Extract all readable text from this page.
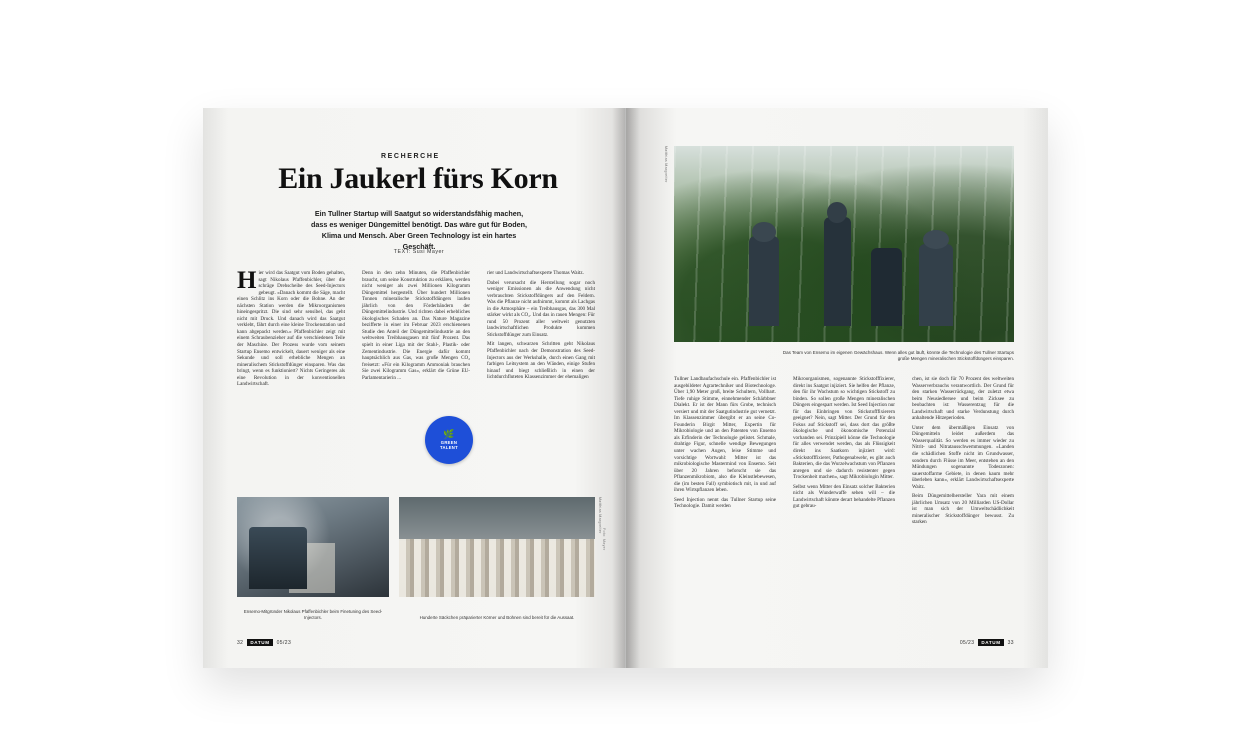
RECHERCHE
Ein Jaukerl fürs Korn
Ein Tullner Startup will Saatgut so widerstandsfähig machen, dass es weniger Düngemittel benötigt. Das wäre gut für Boden, Klima und Mensch. Aber Green Technology ist ein hartes Geschäft.
TEXT: Susi Mayer

Hier wird das Saatgut vom Boden gehalten, sagt Nikolaus Pfaffenbichler, über die schräge Drehscheibe des Seed-Injectors gebeugt. »Danach kommt die Säge, macht einen Schlitz ins Korn oder die Bohne. An der nächsten Station werden die Mikroorganismen hineingespritzt. Die sind sehr sensibel, das geht nicht mit Druck. Und danach wird das Saatgut verklebt, fährt durch eine kleine Trockenstation und kann abgepackt werden.« Pfaffenbichler zeigt mit einem Schraubenzieher auf die verschiedenen Teile der Maschine. Der Prozess wurde vom seinem Startup Ensemo entwickelt, dauert weniger als eine Sekunde und soll erhebliche Mengen an mineralischem Stickstoffdünger einsparen. Was das bringt, wenn es funktioniert? Nichts Geringeres als eine Revolution in der konventionellen Landwirtschaft.

Denn in den zehn Minuten, die Pfaffenbichler braucht, um seine Konstruktion zu erklären, werden nicht weniger als zwei Millionen Kilogramm Düngemittel hergestellt. Über hundert Millionen Tonnen mineralische Stickstoffdüngers laufen jährlich von den Förderbändern der Düngemittelindustrie. Und richten dabei erhebliches ökologisches Schaden an. Das Nature Magazine bezifferte in einer im Februar 2023 erschienenen Studie den Anteil der Düngemittelindustrie an den weltweiten Treibhausgasen mit fünf Prozent. Das spielt in einer Liga mit der Stahl-, Plastik- oder Zementindustrie. Die Energie dafür kommt hauptsächlich aus Gas, was große Mengen CO₂ freisetzt: »Für ein Kilogramm Ammoniak brauchen Sie zwei Kilogramm Gas«, erklärt die Grüne EU-Parlamentarierin ...

rier und Landwirtschaftsexperte Thomas Waitz.

Dabei verursacht die Herstellung sogar noch weniger Emissionen als die Anwendung nicht verbrauchten Stickstoffdüngers auf den Feldern. Was die Pflanze nicht aufnimmt, kommt als Lachgas in die Atmosphäre – ein Treibhausgas, das 300 Mal stärker wirkt als CO₂. Und das in rauen Mengen: Für rund 50 Prozent aller weltweit genutzten landwirtschaftlichen Produkte kommen Stickstoffdünger zum Einsatz.

Mit langen, schwarzen Schritten geht Nikolaus Pfaffenbichler nach der Demonstration des Seed-Injectors aus der Werkshalle, durch einen Gang mit farbigen Leitsystem an den Wänden, einige Stufen hinauf und biegt schließlich in einen der lichtdurchfluteten Klassenzimmer der ehemaligen

🌿
GREEN
TALENT
Ensemo-Mitgründer Nikolaus Pfaffenbichler beim Finetuning des Seed-Injectors.	Hunderte Säckchen präparierter Körner und Bohnen sind bereit für die Aussaat.
Matthias Margreiter
32	DATUM	05/23
Matthias Margreiter
Das Team von Ensemo im eigenen Gewächshaus. Wenn alles gut läuft, könnte die Technologie des Tullner Startups große Mengen mineralischen Stickstoffdüngers einsparen.

Tullner Landbaufachschule ein. Pfaffenbichler ist ausgebildeter Agrartechniker und Biotechnologe. Über 1,90 Meter groß, breite Schultern, Vollbart. Tiefe ruhige Stimme, einnehmender Schärbbner Dialekt. Er ist der Mann fürs Grobe, technisch versiert und mit der Saatgutindustrie gut vernetzt. Im Klassenzimmer übergibt er an seine Co-Founderin Birgit Mitter, Expertin für Mikrobiologie und an den Patenten von Ensemo als Erfinderin der Technologie gelistet. Schmale, drahtige Figur, schnelle wendige Bewegungen unter wachen Augen, leise Stimme und vorsichtige Wortwahl: Mitter ist das mikrobiologische Mastermind von Ensemo. Seit über 20 Jahren beforscht sie das Pflanzenmikrobiom, also die Kleinstlebewesen, die (im besten Fall) symbiotisch mit, in und auf ihren Wirtspflanzen leben.

Seed Injection nennt das Tullner Startup seine Technologie. Damit werden

Mikroorganismen, sogenannte Stickstofffixierer, direkt ins Saatgut injiziert. Sie helfen der Pflanze, den für ihr Wachstum so wichtigen Stickstoff zu binden. So sollen große Mengen mineralischen Düngers eingespart werden. Ist Seed Injection nur für das Einbringen von Stickstofffixierern geeignet? Nein, sagt Mitter. Der Grund für den Fokus auf Stickstoff sei, dass dort das größte ökologische und ökonomische Potenzial vorhanden sei. Prinzipiell könne die Technologie für alles verwendet werden, das als Flüssigkeit direkt ins Saatkorn injiziert wird: »Stickstofffixierer, Pathogenabwehr, es gibt auch Bakterien, die das Wurzelwachstum von Pflanzen anregen und sie dadurch resistenter gegen Trockenheit machen«, sagt Mikrobiologin Mitter.

Selbst wenn Mitter den Einsatz solcher Bakterien nicht als Wunderwaffe sehen will – die Landwirtschaft könnte derart behandelte Pflanzen gut gebrau-

chen, ist sie doch für 70 Prozent des weltweiten Wasserverbrauchs verantwortlich. Der Grund für den starken Wasserrückgang, der zuletzt etwa beim Neusiedlersee und beim Zicksee zu beobachten ist: Wasserentzug für die Landwirtschaft und starke Verdunstung durch anhaltende Hitzeperioden.

Unter dem übermäßigen Einsatz von Düngemitteln leidet außerdem das Wasserqualität. So werden es immer wieder zu Nitrit- und Nitratausschwemmungen. »Landen die schädlichen Stoffe nicht im Grundwasser, sondern durch Flüsse im Meer, entstehen an den Mündungen sogenannte Todeszonen: sauerstoffarme Gebiete, in denen kaum mehr überleben kann«, erklärt Landwirtschaftsexperte Waitz.

Beim Düngemittelhersteller Yara mit einem jährlichen Umsatz von 20 Milliarden US-Dollar ist man sich der Umweltschädlichkeit mineralischer Stickstoffdünger bewusst. Zu starken

05/23	DATUM	33
Foto: Mayer
